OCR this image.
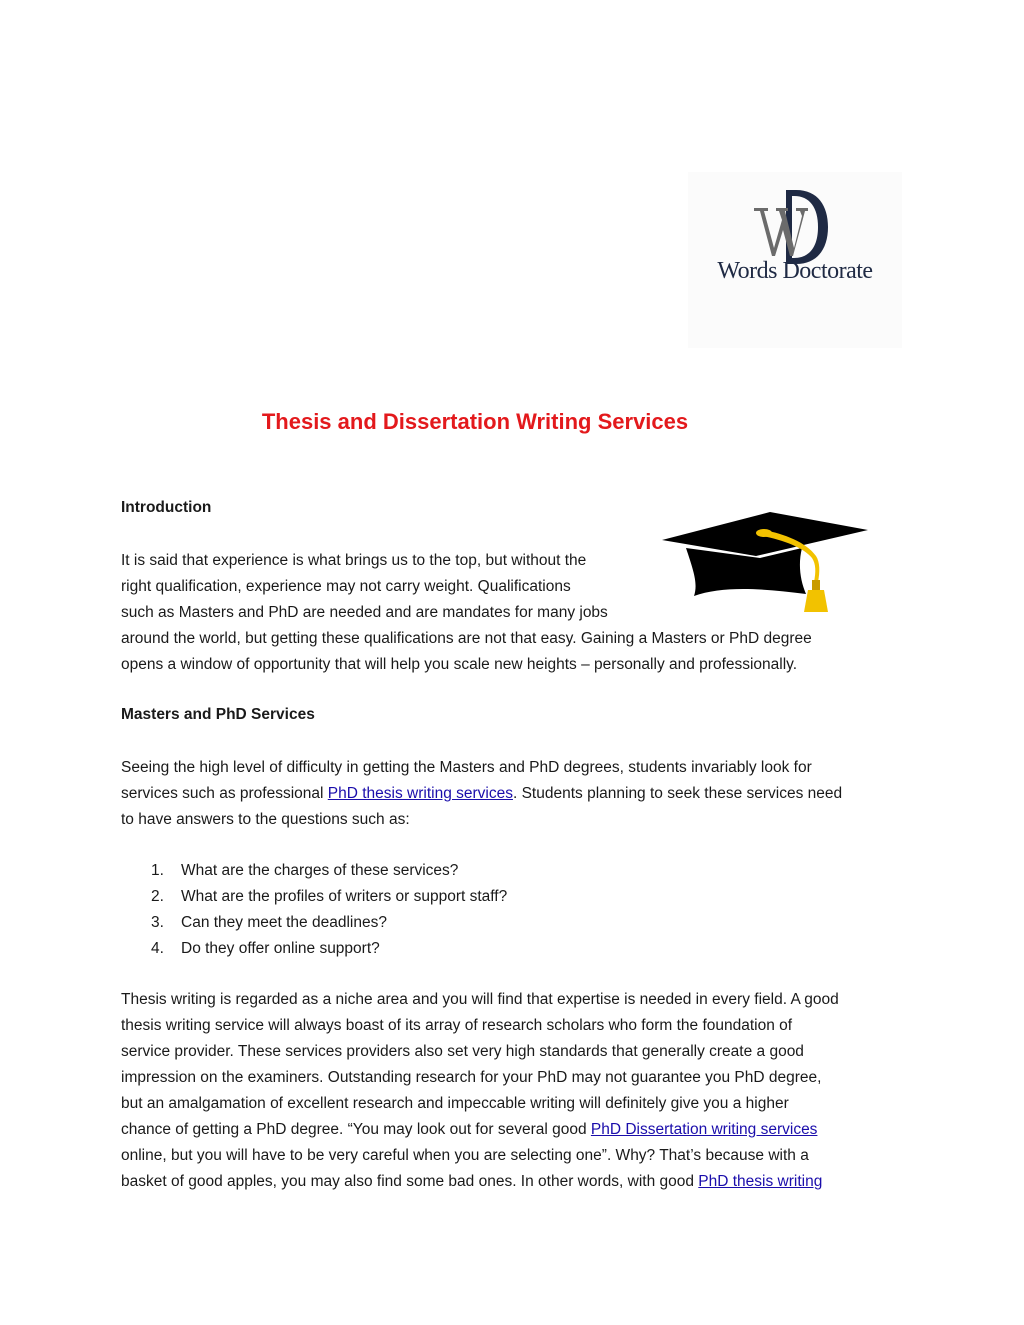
Words Doctorate
Thesis and Dissertation Writing Services
Introduction
It is said that experience is what brings us to the top, but without the
right qualification, experience may not carry weight. Qualifications
such as Masters and PhD are needed and are mandates for many jobs
around the world, but getting these qualifications are not that easy. Gaining a Masters or PhD degree
opens a window of opportunity that will help you scale new heights – personally and professionally.
Masters and PhD Services
Seeing the high level of difficulty in getting the Masters and PhD degrees, students invariably look for
services such as professional PhD thesis writing services. Students planning to seek these services need
to have answers to the questions such as:
1. What are the charges of these services?
2. What are the profiles of writers or support staff?
3. Can they meet the deadlines?
4. Do they offer online support?
Thesis writing is regarded as a niche area and you will find that expertise is needed in every field. A good
thesis writing service will always boast of its array of research scholars who form the foundation of
service provider. These services providers also set very high standards that generally create a good
impression on the examiners. Outstanding research for your PhD may not guarantee you PhD degree,
but an amalgamation of excellent research and impeccable writing will definitely give you a higher
chance of getting a PhD degree. “You may look out for several good PhD Dissertation writing services
online, but you will have to be very careful when you are selecting one”. Why? That’s because with a
basket of good apples, you may also find some bad ones. In other words, with good PhD thesis writing
